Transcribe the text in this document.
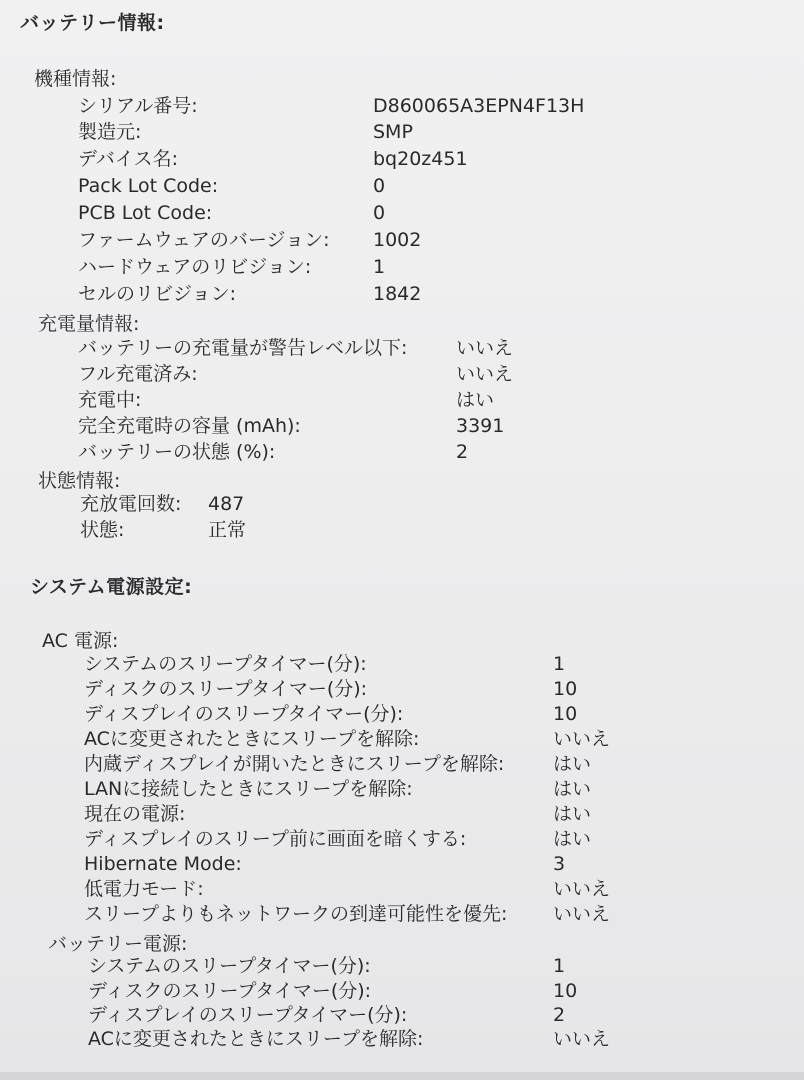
バッテリー情報:
機種情報:
シリアル番号:	D860065A3EPN4F13H
製造元:	SMP
デバイス名:	bq20z451
Pack Lot Code:	0
PCB Lot Code:	0
ファームウェアのバージョン: 1002
ハードウェアのリビジョン:	1
セルのリビジョン:	1842
充電量情報:
バッテリーの充電量が警告レベル以下:	いいえ
フル充電済み:	いいえ
充電中:	はい
完全充電時の容量 (mAh):	3391
バッテリーの状態 (%):	2
状態情報:
充放電回数: 487
状態:	正常
システム電源設定:
AC 電源:
システムのスリープタイマー(分):	1
ディスクのスリープタイマー(分):	10
ディスプレイのスリープタイマー(分):	10
ACに変更されたときにスリープを解除:	いいえ
内蔵ディスプレイが開いたときにスリープを解除:	はい
LANに接続したときにスリープを解除:	はい
現在の電源:	はい
ディスプレイのスリープ前に画面を暗くする:	はい
Hibernate Mode:	3
低電力モード:	いいえ
スリープよりもネットワークの到達可能性を優先: いいえ
バッテリー電源:
システムのスリープタイマー(分):	1
ディスクのスリープタイマー(分):	10
ディスプレイのスリープタイマー(分):	2
ACに変更されたときにスリープを解除:	いいえ
